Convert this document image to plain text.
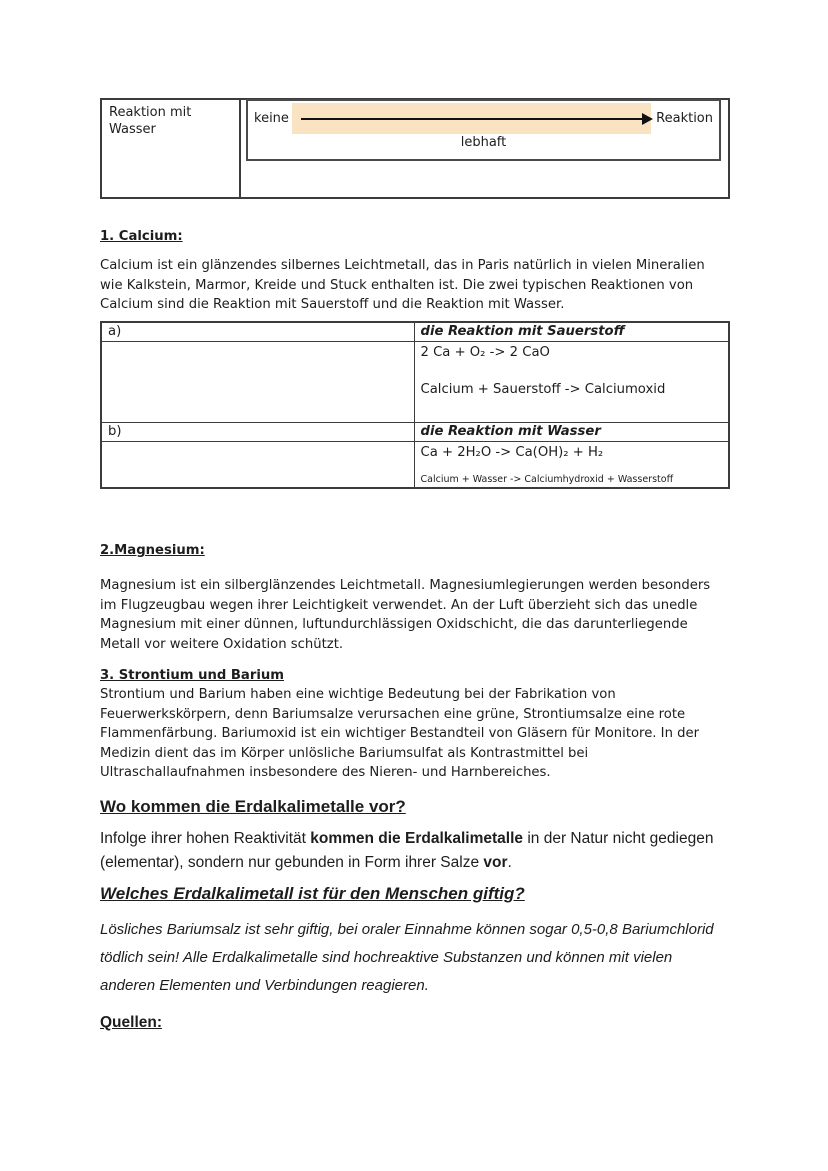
Reaktion mit Wasser
keine	Reaktion
lebhaft
1. Calcium:
Calcium ist ein glänzendes silbernes Leichtmetall, das in Paris natürlich in vielen Mineralien wie Kalkstein, Marmor, Kreide und Stuck enthalten ist. Die zwei typischen Reaktionen von Calcium sind die Reaktion mit Sauerstoff und die Reaktion mit Wasser.
a)	die Reaktion mit Sauerstoff

	2 Ca + O₂ -> 2 CaO
Calcium + Sauerstoff -> Calciumoxid

b)	die Reaktion mit Wasser

	Ca + 2H₂O -> Ca(OH)₂ + H₂
Calcium + Wasser -> Calciumhydroxid + Wasserstoff
2.Magnesium:
Magnesium ist ein silberglänzendes Leichtmetall. Magnesiumlegierungen werden besonders im Flugzeugbau wegen ihrer Leichtigkeit verwendet. An der Luft überzieht sich das unedle Magnesium mit einer dünnen, luftundurchlässigen Oxidschicht, die das darunterliegende Metall vor weitere Oxidation schützt.
3. Strontium und Barium
Strontium und Barium haben eine wichtige Bedeutung bei der Fabrikation von Feuerwerkskörpern, denn Bariumsalze verursachen eine grüne, Strontiumsalze eine rote Flammenfärbung. Bariumoxid ist ein wichtiger Bestandteil von Gläsern für Monitore. In der Medizin dient das im Körper unlösliche Bariumsulfat als Kontrastmittel bei Ultraschallaufnahmen insbesondere des Nieren- und Harnbereiches.
Wo kommen die Erdalkalimetalle vor?
Infolge ihrer hohen Reaktivität kommen die Erdalkalimetalle in der Natur nicht gediegen (elementar), sondern nur gebunden in Form ihrer Salze vor.
Welches Erdalkalimetall ist für den Menschen giftig?
Lösliches Bariumsalz ist sehr giftig, bei oraler Einnahme können sogar 0,5-0,8 Bariumchlorid tödlich sein! Alle Erdalkalimetalle sind hochreaktive Substanzen und können mit vielen anderen Elementen und Verbindungen reagieren.
Quellen:
